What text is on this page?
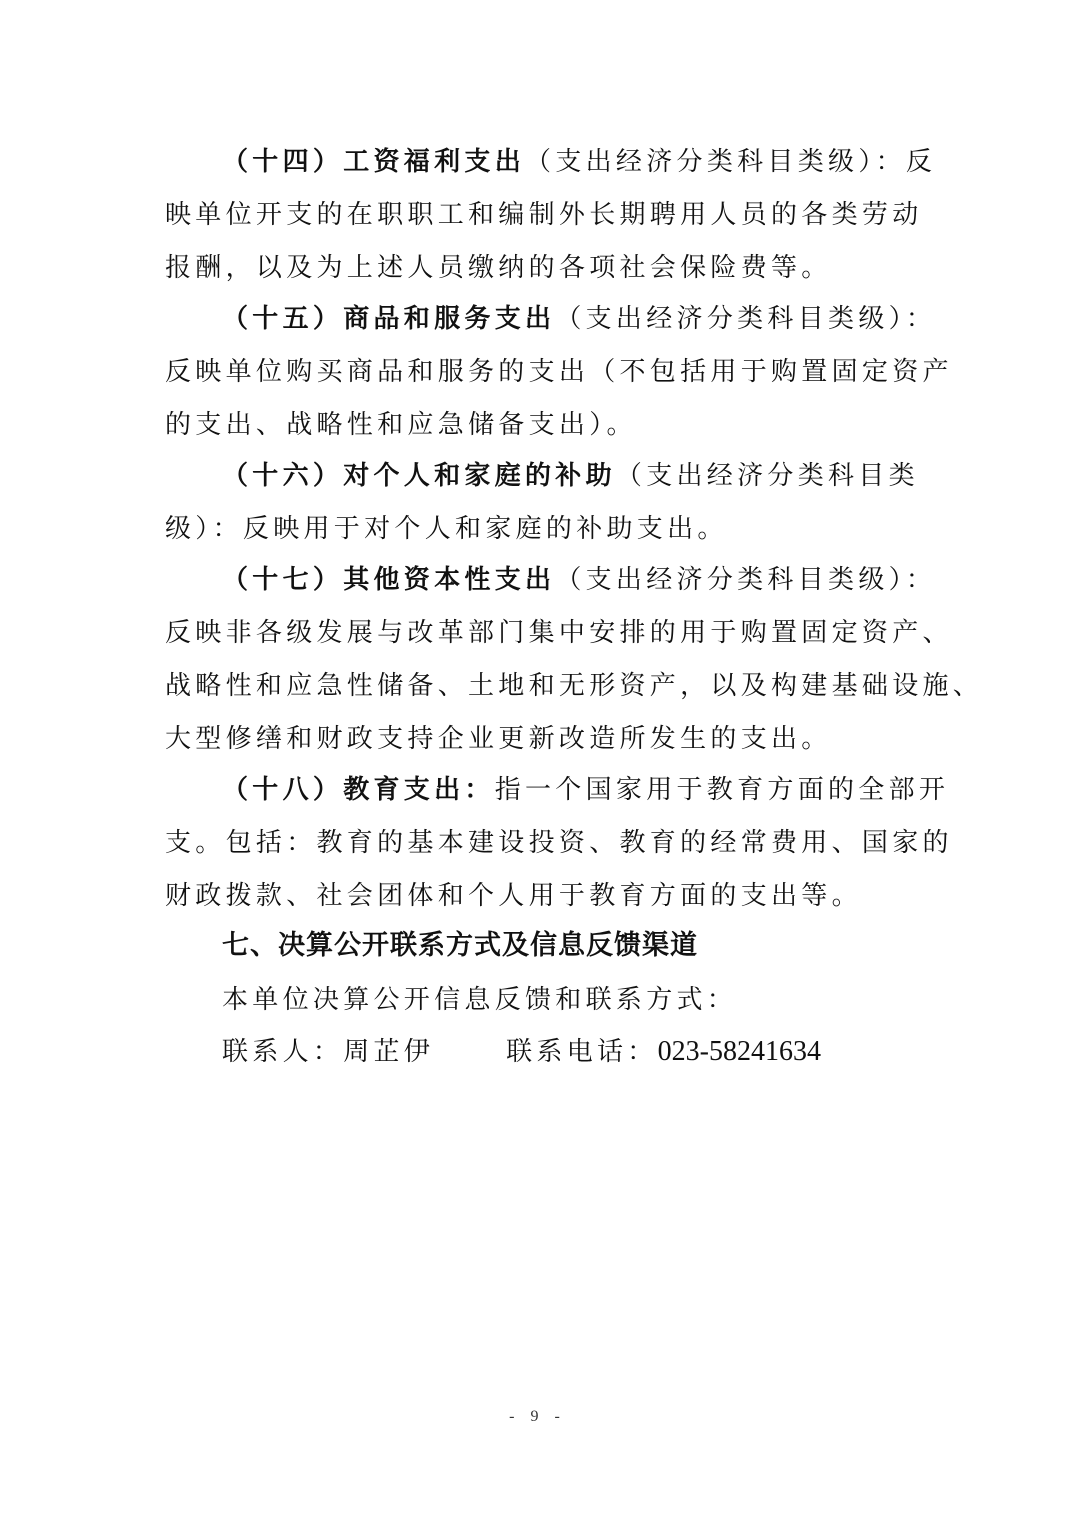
（十四）工资福利支出（支出经济分类科目类级）：反
映单位开支的在职职工和编制外长期聘用人员的各类劳动
报酬，以及为上述人员缴纳的各项社会保险费等。
（十五）商品和服务支出（支出经济分类科目类级）：
反映单位购买商品和服务的支出（不包括用于购置固定资产
的支出、战略性和应急储备支出）。
（十六）对个人和家庭的补助（支出经济分类科目类
级）：反映用于对个人和家庭的补助支出。
（十七）其他资本性支出（支出经济分类科目类级）：
反映非各级发展与改革部门集中安排的用于购置固定资产、
战略性和应急性储备、土地和无形资产，以及构建基础设施、
大型修缮和财政支持企业更新改造所发生的支出。
（十八）教育支出：指一个国家用于教育方面的全部开
支。包括：教育的基本建设投资、教育的经常费用、国家的
财政拨款、社会团体和个人用于教育方面的支出等。
七、决算公开联系方式及信息反馈渠道
本单位决算公开信息反馈和联系方式：
联系人：周芷伊	联系电话：023-58241634
- 9 -
